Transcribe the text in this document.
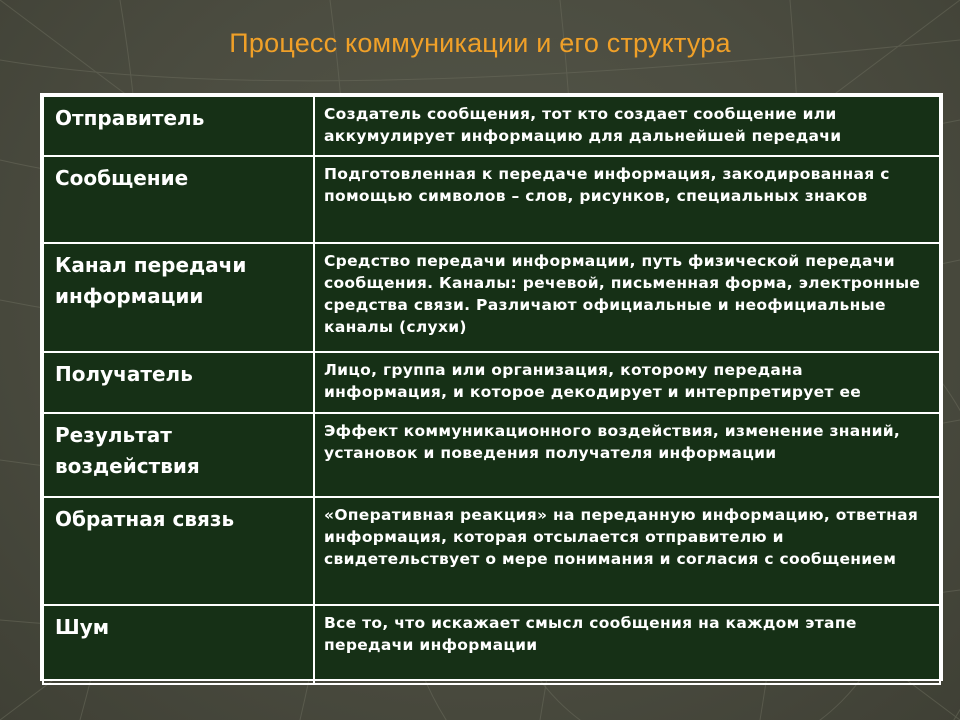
Процесс коммуникации и его структура
Отправитель	Создатель сообщения, тот кто создает сообщение или аккумулирует информацию для дальнейшей передачи
Сообщение	Подготовленная к передаче информация, закодированная с помощью символов – слов, рисунков, специальных знаков
Канал передачи информации	Средство передачи информации, путь физической передачи сообщения. Каналы: речевой, письменная форма, электронные средства связи. Различают официальные и неофициальные каналы (слухи)
Получатель	Лицо, группа или организация, которому передана информация, и которое декодирует и интерпретирует ее
Результат воздействия	Эффект коммуникационного воздействия, изменение знаний, установок и поведения получателя информации
Обратная связь	«Оперативная реакция» на переданную информацию, ответная информация, которая отсылается отправителю и свидетельствует о мере понимания и согласия с сообщением
Шум	Все то, что искажает смысл сообщения на каждом этапе передачи информации
